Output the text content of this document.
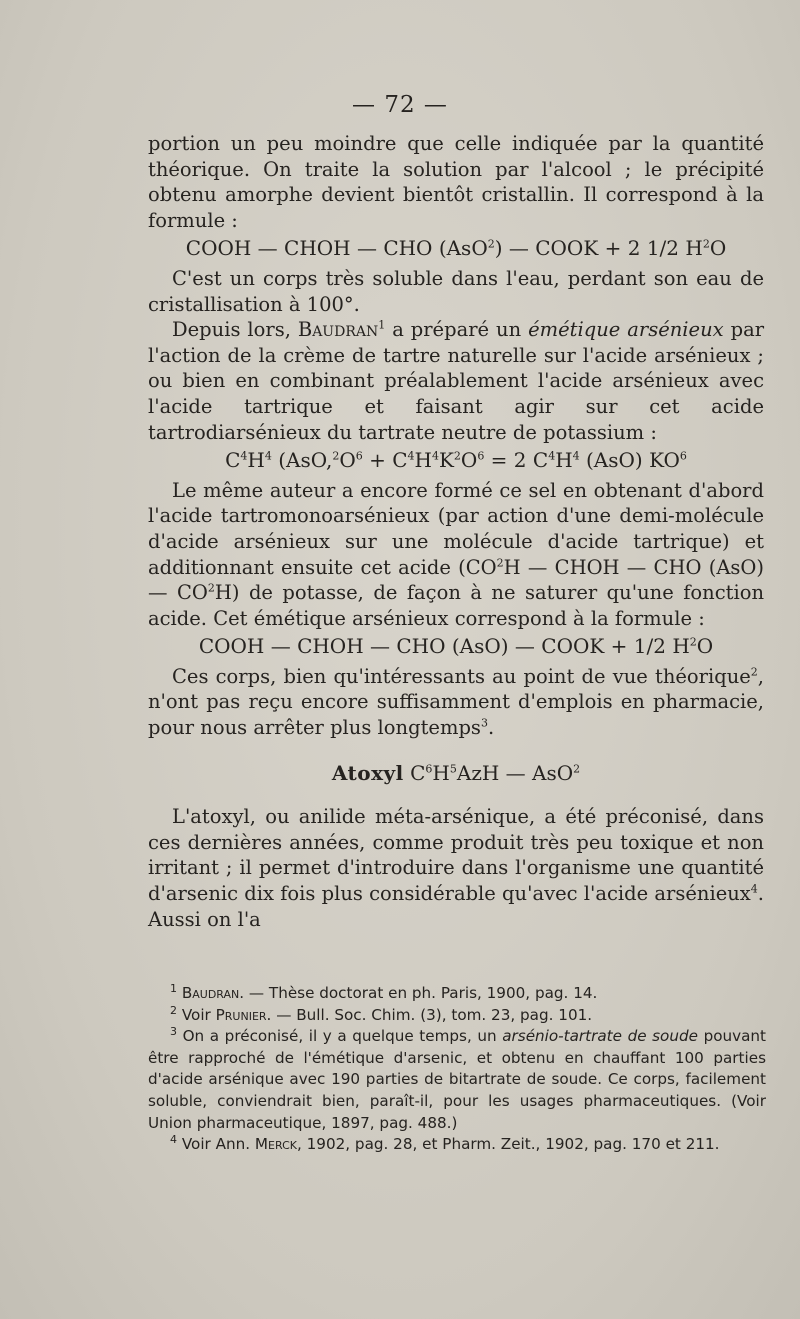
— 72 —

portion un peu moindre que celle indiquée par la quantité théorique. On traite la solution par l'alcool ; le précipité obtenu amorphe devient bientôt cristallin. Il correspond à la formule :

COOH — CHOH — CHO (AsO$^2$) — COOK + 2 1/2 $H^2O$

C'est un corps très soluble dans l'eau, perdant son eau de cristallisation à 100°.

Depuis lors, Baudran$^1$ a préparé un émétique arsénieux par l'action de la crème de tartre naturelle sur l'acide arsénieux ; ou bien en combinant préalablement l'acide arsénieux avec l'acide tartrique et faisant agir sur cet acide tartrodiarsénieux du tartrate neutre de potassium :

$C^4H^4$ ($AsO,^2O^6 + C^4H^4K^2O^6 = 2$ $C^4H^4$ (AsO) $KO^6$

Le même auteur a encore formé ce sel en obtenant d'abord l'acide tartromonoarsénieux (par action d'une demi-molécule d'acide arsénieux sur une molécule d'acide tartrique) et additionnant ensuite cet acide ($CO^2H$ — CHOH — CHO (AsO) — $CO^2H$) de potasse, de façon à ne saturer qu'une fonction acide. Cet émétique arsénieux correspond à la formule :

COOH — CHOH — CHO (AsO) — COOK + 1/2 $H^2O$

Ces corps, bien qu'intéressants au point de vue théorique$^2$, n'ont pas reçu encore suffisamment d'emplois en pharmacie, pour nous arrêter plus longtemps$^3$.

Atoxyl $C^6H^5AzH$ — AsO$^2$

L'atoxyl, ou anilide méta-arsénique, a été préconisé, dans ces dernières années, comme produit très peu toxique et non irritant ; il permet d'introduire dans l'organisme une quantité d'arsenic dix fois plus considérable qu'avec l'acide arsénieux$^4$. Aussi on l'a

$^1$ Baudran. — Thèse doctorat en ph. Paris, 1900, pag. 14.

$^2$ Voir Prunier. — Bull. Soc. Chim. (3), tom. 23, pag. 101.

$^3$ On a préconisé, il y a quelque temps, un arsénio-tartrate de soude pouvant être rapproché de l'émétique d'arsenic, et obtenu en chauffant 100 parties d'acide arsénique avec 190 parties de bitartrate de soude. Ce corps, facilement soluble, conviendrait bien, paraît-il, pour les usages pharmaceutiques. (Voir Union pharmaceutique, 1897, pag. 488.)

$^4$ Voir Ann. Merck, 1902, pag. 28, et Pharm. Zeit., 1902, pag. 170 et 211.
